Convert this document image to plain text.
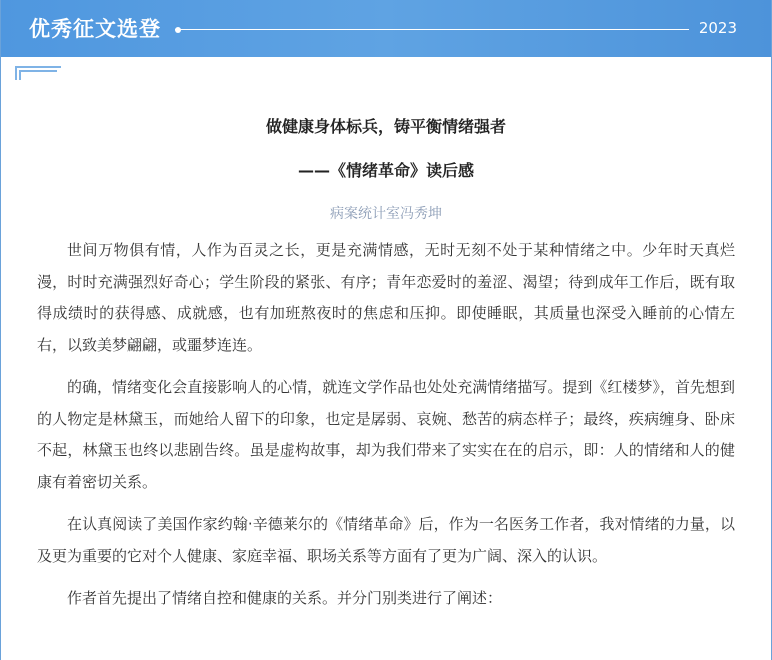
优秀征文选登	2023
做健康身体标兵，铸平衡情绪强者
——《情绪革命》读后感
病案统计室冯秀坤

世间万物俱有情，人作为百灵之长，更是充满情感，无时无刻不处于某种情绪之中。少年时天真烂漫，时时充满强烈好奇心；学生阶段的紧张、有序；青年恋爱时的羞涩、渴望；待到成年工作后，既有取得成绩时的获得感、成就感，也有加班熬夜时的焦虑和压抑。即使睡眠，其质量也深受入睡前的心情左右，以致美梦翩翩，或噩梦连连。

的确，情绪变化会直接影响人的心情，就连文学作品也处处充满情绪描写。提到《红楼梦》，首先想到的人物定是林黛玉，而她给人留下的印象，也定是孱弱、哀婉、愁苦的病态样子；最终，疾病缠身、卧床不起，林黛玉也终以悲剧告终。虽是虚构故事，却为我们带来了实实在在的启示，即：人的情绪和人的健康有着密切关系。

在认真阅读了美国作家约翰·辛德莱尔的《情绪革命》后，作为一名医务工作者，我对情绪的力量，以及更为重要的它对个人健康、家庭幸福、职场关系等方面有了更为广阔、深入的认识。

作者首先提出了情绪自控和健康的关系。并分门别类进行了阐述：
